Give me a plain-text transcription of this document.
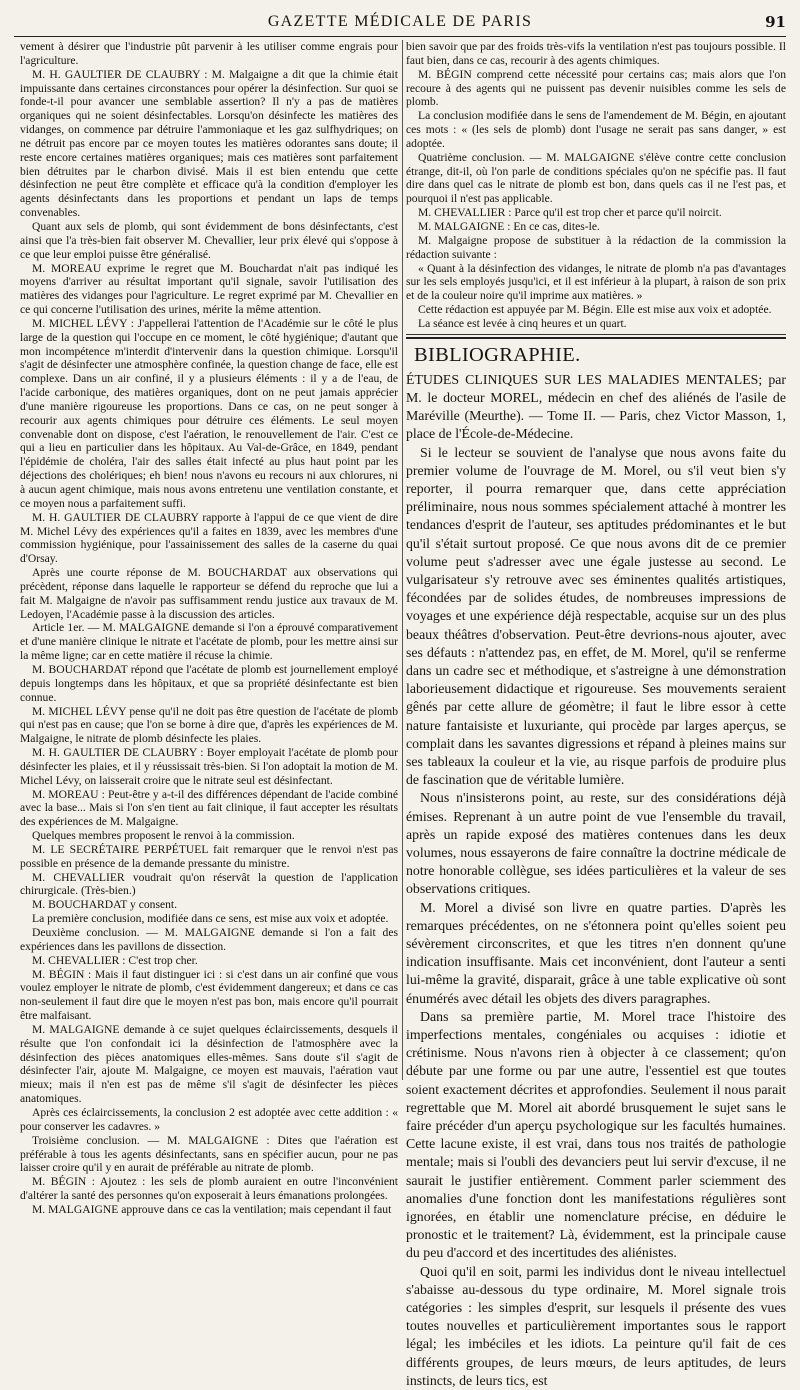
GAZETTE MÉDICALE DE PARIS	91

vement à désirer que l'industrie pût parvenir à les utiliser comme engrais pour l'agriculture.

M. H. GAULTIER DE CLAUBRY : M. Malgaigne a dit que la chimie était impuissante dans certaines circonstances pour opérer la désinfection. Sur quoi se fonde-t-il pour avancer une semblable assertion? Il n'y a pas de matières organiques qui ne soient désinfectables. Lorsqu'on désinfecte les matières des vidanges, on commence par détruire l'ammoniaque et les gaz sulfhydriques; on ne détruit pas encore par ce moyen toutes les matières odorantes sans doute; il reste encore certaines matières organiques; mais ces matières sont parfaitement bien détruites par le charbon divisé. Mais il est bien entendu que cette désinfection ne peut être complète et efficace qu'à la condition d'employer les agents désinfectants dans les proportions et pendant un laps de temps convenables.

Quant aux sels de plomb, qui sont évidemment de bons désinfectants, c'est ainsi que l'a très-bien fait observer M. Chevallier, leur prix élevé qui s'oppose à ce que leur emploi puisse être généralisé.

M. MOREAU exprime le regret que M. Bouchardat n'ait pas indiqué les moyens d'arriver au résultat important qu'il signale, savoir l'utilisation des matières des vidanges pour l'agriculture. Le regret exprimé par M. Chevallier en ce qui concerne l'utilisation des urines, mérite la même attention.

M. MICHEL LÉVY : J'appellerai l'attention de l'Académie sur le côté le plus large de la question qui l'occupe en ce moment, le côté hygiénique; d'autant que mon incompétence m'interdit d'intervenir dans la question chimique. Lorsqu'il s'agit de désinfecter une atmosphère confinée, la question change de face, elle est complexe. Dans un air confiné, il y a plusieurs éléments : il y a de l'eau, de l'acide carbonique, des matières organiques, dont on ne peut jamais apprécier d'une manière rigoureuse les proportions. Dans ce cas, on ne peut songer à recourir aux agents chimiques pour détruire ces éléments. Le seul moyen convenable dont on dispose, c'est l'aération, le renouvellement de l'air. C'est ce qui a lieu en particulier dans les hôpitaux. Au Val-de-Grâce, en 1849, pendant l'épidémie de choléra, l'air des salles était infecté au plus haut point par les déjections des cholériques; eh bien! nous n'avons eu recours ni aux chlorures, ni à aucun agent chimique, mais nous avons entretenu une ventilation constante, et ce moyen nous a parfaitement suffi.

M. H. GAULTIER DE CLAUBRY rapporte à l'appui de ce que vient de dire M. Michel Lévy des expériences qu'il a faites en 1839, avec les membres d'une commission hygiénique, pour l'assainissement des salles de la caserne du quai d'Orsay.

Après une courte réponse de M. BOUCHARDAT aux observations qui précèdent, réponse dans laquelle le rapporteur se défend du reproche que lui a fait M. Malgaigne de n'avoir pas suffisamment rendu justice aux travaux de M. Ledoyen, l'Académie passe à la discussion des articles.

Article 1er. — M. MALGAIGNE demande si l'on a éprouvé comparativement et d'une manière clinique le nitrate et l'acétate de plomb, pour les mettre ainsi sur la même ligne; car en cette matière il récuse la chimie.

M. BOUCHARDAT répond que l'acétate de plomb est journellement employé depuis longtemps dans les hôpitaux, et que sa propriété désinfectante est bien connue.

M. MICHEL LÉVY pense qu'il ne doit pas être question de l'acétate de plomb qui n'est pas en cause; que l'on se borne à dire que, d'après les expériences de M. Malgaigne, le nitrate de plomb désinfecte les plaies.

M. H. GAULTIER DE CLAUBRY : Boyer employait l'acétate de plomb pour désinfecter les plaies, et il y réussissait très-bien. Si l'on adoptait la motion de M. Michel Lévy, on laisserait croire que le nitrate seul est désinfectant.

M. MOREAU : Peut-être y a-t-il des différences dépendant de l'acide combiné avec la base... Mais si l'on s'en tient au fait clinique, il faut accepter les résultats des expériences de M. Malgaigne.

Quelques membres proposent le renvoi à la commission.

M. LE SECRÉTAIRE PERPÉTUEL fait remarquer que le renvoi n'est pas possible en présence de la demande pressante du ministre.

M. CHEVALLIER voudrait qu'on réservât la question de l'application chirurgicale. (Très-bien.)

M. BOUCHARDAT y consent.

La première conclusion, modifiée dans ce sens, est mise aux voix et adoptée.

Deuxième conclusion. — M. MALGAIGNE demande si l'on a fait des expériences dans les pavillons de dissection.

M. CHEVALLIER : C'est trop cher.

M. BÉGIN : Mais il faut distinguer ici : si c'est dans un air confiné que vous voulez employer le nitrate de plomb, c'est évidemment dangereux; et dans ce cas non-seulement il faut dire que le moyen n'est pas bon, mais encore qu'il pourrait être malfaisant.

M. MALGAIGNE demande à ce sujet quelques éclaircissements, desquels il résulte que l'on confondait ici la désinfection de l'atmosphère avec la désinfection des pièces anatomiques elles-mêmes. Sans doute s'il s'agit de désinfecter l'air, ajoute M. Malgaigne, ce moyen est mauvais, l'aération vaut mieux; mais il n'en est pas de même s'il s'agit de désinfecter les pièces anatomiques.

Après ces éclaircissements, la conclusion 2 est adoptée avec cette addition : « pour conserver les cadavres. »

Troisième conclusion. — M. MALGAIGNE : Dites que l'aération est préférable à tous les agents désinfectants, sans en spécifier aucun, pour ne pas laisser croire qu'il y en aurait de préférable au nitrate de plomb.

M. BÉGIN : Ajoutez : les sels de plomb auraient en outre l'inconvénient d'altérer la santé des personnes qu'on exposerait à leurs émanations prolongées.

M. MALGAIGNE approuve dans ce cas la ventilation; mais cependant il faut

bien savoir que par des froids très-vifs la ventilation n'est pas toujours possible. Il faut bien, dans ce cas, recourir à des agents chimiques.

M. BÉGIN comprend cette nécessité pour certains cas; mais alors que l'on recoure à des agents qui ne puissent pas devenir nuisibles comme les sels de plomb.

La conclusion modifiée dans le sens de l'amendement de M. Bégin, en ajoutant ces mots : « (les sels de plomb) dont l'usage ne serait pas sans danger, » est adoptée.

Quatrième conclusion. — M. MALGAIGNE s'élève contre cette conclusion étrange, dit-il, où l'on parle de conditions spéciales qu'on ne spécifie pas. Il faut dire dans quel cas le nitrate de plomb est bon, dans quels cas il ne l'est pas, et pourquoi il n'est pas applicable.

M. CHEVALLIER : Parce qu'il est trop cher et parce qu'il noircit.

M. MALGAIGNE : En ce cas, dites-le.

M. Malgaigne propose de substituer à la rédaction de la commission la rédaction suivante :

« Quant à la désinfection des vidanges, le nitrate de plomb n'a pas d'avantages sur les sels employés jusqu'ici, et il est inférieur à la plupart, à raison de son prix et de la couleur noire qu'il imprime aux matières. »

Cette rédaction est appuyée par M. Bégin. Elle est mise aux voix et adoptée.

La séance est levée à cinq heures et un quart.

BIBLIOGRAPHIE.

ÉTUDES CLINIQUES SUR LES MALADIES MENTALES; par M. le docteur MOREL, médecin en chef des aliénés de l'asile de Maréville (Meurthe). — Tome II. — Paris, chez Victor Masson, 1, place de l'École-de-Médecine.

Si le lecteur se souvient de l'analyse que nous avons faite du premier volume de l'ouvrage de M. Morel, ou s'il veut bien s'y reporter, il pourra remarquer que, dans cette appréciation préliminaire, nous nous sommes spécialement attaché à montrer les tendances d'esprit de l'auteur, ses aptitudes prédominantes et le but qu'il s'était surtout proposé. Ce que nous avons dit de ce premier volume peut s'adresser avec une égale justesse au second. Le vulgarisateur s'y retrouve avec ses éminentes qualités artistiques, fécondées par de solides études, de nombreuses impressions de voyages et une expérience déjà respectable, acquise sur un des plus beaux théâtres d'observation. Peut-être devrions-nous ajouter, avec ses défauts : n'attendez pas, en effet, de M. Morel, qu'il se renferme dans un cadre sec et méthodique, et s'astreigne à une démonstration laborieusement didactique et rigoureuse. Ses mouvements seraient gênés par cette allure de géomètre; il faut le libre essor à cette nature fantaisiste et luxuriante, qui procède par larges aperçus, se complait dans les savantes digressions et répand à pleines mains sur ses tableaux la couleur et la vie, au risque parfois de produire plus de fascination que de véritable lumière.

Nous n'insisterons point, au reste, sur des considérations déjà émises. Reprenant à un autre point de vue l'ensemble du travail, après un rapide exposé des matières contenues dans les deux volumes, nous essayerons de faire connaître la doctrine médicale de notre honorable collègue, ses idées particulières et la valeur de ses observations critiques.

M. Morel a divisé son livre en quatre parties. D'après les remarques précédentes, on ne s'étonnera point qu'elles soient peu sévèrement circonscrites, et que les titres n'en donnent qu'une indication insuffisante. Mais cet inconvénient, dont l'auteur a senti lui-même la gravité, disparait, grâce à une table explicative où sont énumérés avec détail les objets des divers paragraphes.

Dans sa première partie, M. Morel trace l'histoire des imperfections mentales, congéniales ou acquises : idiotie et crétinisme. Nous n'avons rien à objecter à ce classement; qu'on débute par une forme ou par une autre, l'essentiel est que toutes soient exactement décrites et approfondies. Seulement il nous parait regrettable que M. Morel ait abordé brusquement le sujet sans le faire précéder d'un aperçu psychologique sur les facultés humaines. Cette lacune existe, il est vrai, dans tous nos traités de pathologie mentale; mais si l'oubli des devanciers peut lui servir d'excuse, il ne saurait le justifier entièrement. Comment parler sciemment des anomalies d'une fonction dont les manifestations régulières sont ignorées, en établir une nomenclature précise, en déduire le pronostic et le traitement? Là, évidemment, est la principale cause du peu d'accord et des incertitudes des aliénistes.

Quoi qu'il en soit, parmi les individus dont le niveau intellectuel s'abaisse au-dessous du type ordinaire, M. Morel signale trois catégories : les simples d'esprit, sur lesquels il présente des vues toutes nouvelles et particulièrement importantes sous le rapport légal; les imbéciles et les idiots. La peinture qu'il fait de ces différents groupes, de leurs mœurs, de leurs aptitudes, de leurs instincts, de leurs tics, est
